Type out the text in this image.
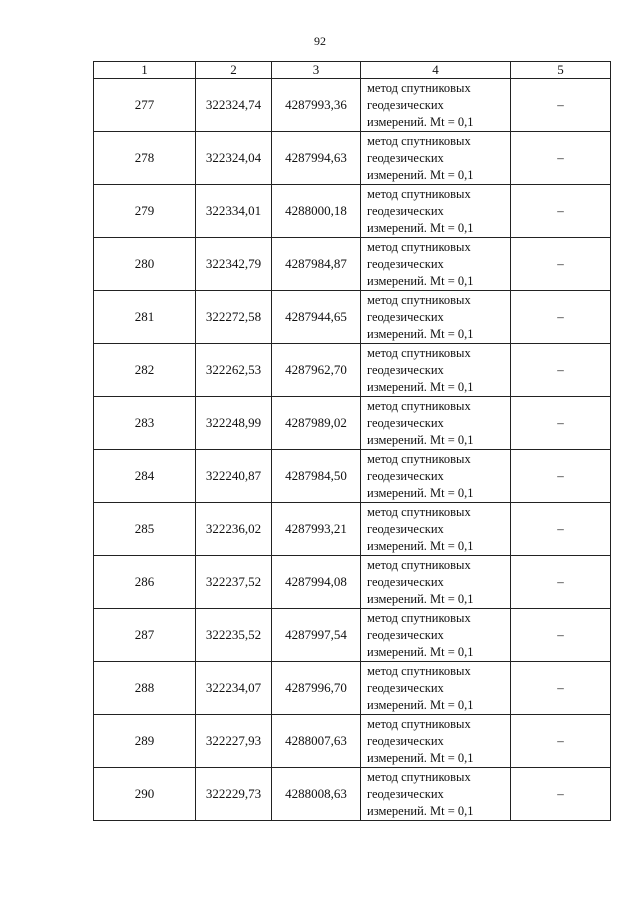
92
1	2	3	4	5
277	322324,74	4287993,36	метод спутниковых
геодезических
измерений. Mt = 0,1	–
278	322324,04	4287994,63	метод спутниковых
геодезических
измерений. Mt = 0,1	–
279	322334,01	4288000,18	метод спутниковых
геодезических
измерений. Mt = 0,1	–
280	322342,79	4287984,87	метод спутниковых
геодезических
измерений. Mt = 0,1	–
281	322272,58	4287944,65	метод спутниковых
геодезических
измерений. Mt = 0,1	–
282	322262,53	4287962,70	метод спутниковых
геодезических
измерений. Mt = 0,1	–
283	322248,99	4287989,02	метод спутниковых
геодезических
измерений. Mt = 0,1	–
284	322240,87	4287984,50	метод спутниковых
геодезических
измерений. Mt = 0,1	–
285	322236,02	4287993,21	метод спутниковых
геодезических
измерений. Mt = 0,1	–
286	322237,52	4287994,08	метод спутниковых
геодезических
измерений. Mt = 0,1	–
287	322235,52	4287997,54	метод спутниковых
геодезических
измерений. Mt = 0,1	–
288	322234,07	4287996,70	метод спутниковых
геодезических
измерений. Mt = 0,1	–
289	322227,93	4288007,63	метод спутниковых
геодезических
измерений. Mt = 0,1	–
290	322229,73	4288008,63	метод спутниковых
геодезических
измерений. Mt = 0,1	–
